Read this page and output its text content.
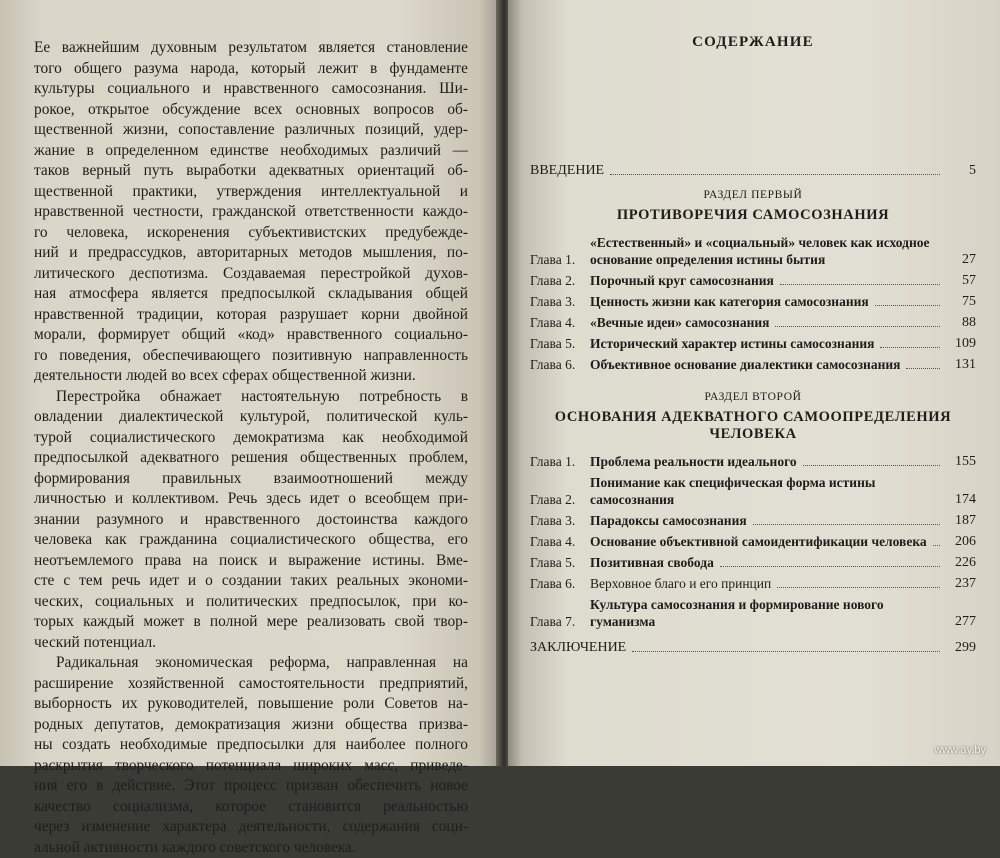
Ее важнейшим духовным результатом является становление
того общего разума народа, который лежит в фундаменте
культуры социального и нравственного самосознания. Ши-
рокое, открытое обсуждение всех основных вопросов об-
щественной жизни, сопоставление различных позиций, удер-
жание в определенном единстве необходимых различий —
таков верный путь выработки адекватных ориентаций об-
щественной практики, утверждения интеллектуальной и
нравственной честности, гражданской ответственности каждо-
го человека, искоренения субъективистских предубежде-
ний и предрассудков, авторитарных методов мышления, по-
литического деспотизма. Создаваемая перестройкой духов-
ная атмосфера является предпосылкой складывания общей
нравственной традиции, которая разрушает корни двойной
морали, формирует общий «код» нравственного социально-
го поведения, обеспечивающего позитивную направленность
деятельности людей во всех сферах общественной жизни.

Перестройка обнажает настоятельную потребность в
овладении диалектической культурой, политической куль-
турой социалистического демократизма как необходимой
предпосылкой адекватного решения общественных проблем,
формирования правильных взаимоотношений между
личностью и коллективом. Речь здесь идет о всеобщем при-
знании разумного и нравственного достоинства каждого
человека как гражданина социалистического общества, его
неотъемлемого права на поиск и выражение истины. Вме-
сте с тем речь идет и о создании таких реальных экономи-
ческих, социальных и политических предпосылок, при ко-
торых каждый может в полной мере реализовать свой твор-
ческий потенциал.

Радикальная экономическая реформа, направленная на
расширение хозяйственной самостоятельности предприятий,
выборность их руководителей, повышение роли Советов на-
родных депутатов, демократизация жизни общества призва-
ны создать необходимые предпосылки для наиболее полного
раскрытия творческого потенциала широких масс, приведе-
ния его в действие. Этот процесс призван обеспечить новое
качество социализма, которое становится реальностью
через изменение характера деятельности, содержания соци-
альной активности каждого советского человека.

СОДЕРЖАНИЕ
ВВЕДЕНИЕ	5
РАЗДЕЛ ПЕРВЫЙ
ПРОТИВОРЕЧИЯ САМОСОЗНАНИЯ
Глава 1.
«Естественный» и «социальный» человек как исходное основание определения истины бытия	27
Глава 2.	Порочный круг самосознания	57
Глава 3.	Ценность жизни как категория самосознания	75
Глава 4.	«Вечные идеи» самосознания	88
Глава 5.	Исторический характер истины самосознания	109
Глава 6.	Объективное основание диалектики самосознания	131
РАЗДЕЛ ВТОРОЙ
ОСНОВАНИЯ АДЕКВАТНОГО САМООПРЕДЕЛЕНИЯ ЧЕЛОВЕКА
Глава 1.	Проблема реальности идеального	155
Глава 2.
Понимание как специфическая форма истины самосознания	174
Глава 3.	Парадоксы самосознания	187
Глава 4.	Основание объективной самоидентификации человека	206
Глава 5.	Позитивная свобода	226
Глава 6.	Верховное благо и его принцип	237
Глава 7.
Культура самосознания и формирование нового гуманизма	277
ЗАКЛЮЧЕНИЕ	299
www.ay.by
